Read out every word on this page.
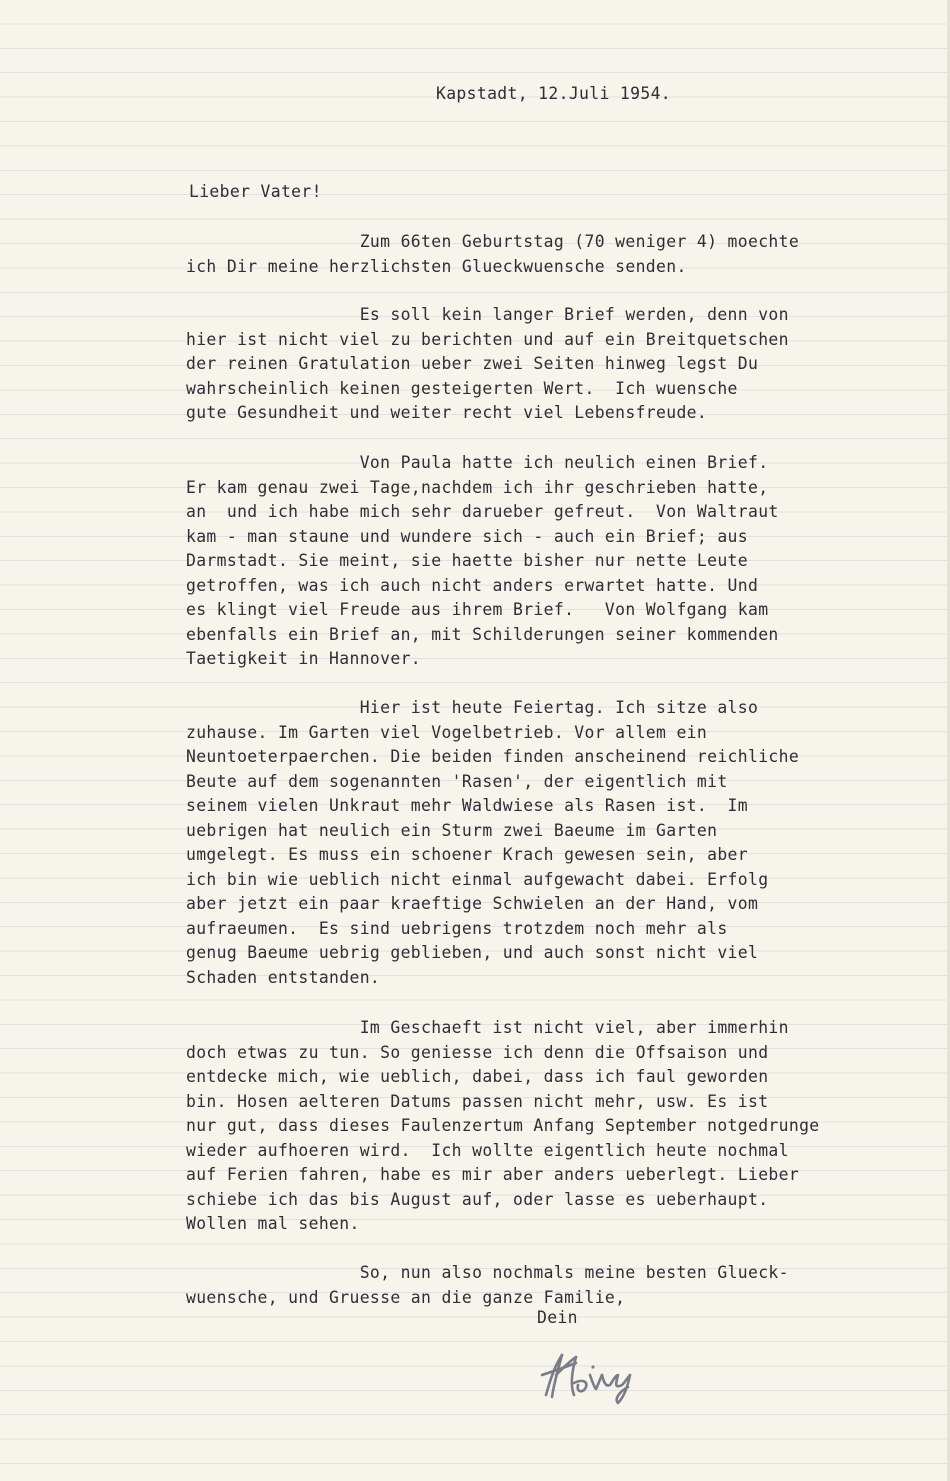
Kapstadt, 12.Juli 1954.

Lieber Vater!

Zum 66ten Geburtstag (70 weniger 4) moechte
ich Dir meine herzlichsten Glueckwuensche senden.

Es soll kein langer Brief werden, denn von
hier ist nicht viel zu berichten und auf ein Breitquetschen
der reinen Gratulation ueber zwei Seiten hinweg legst Du
wahrscheinlich keinen gesteigerten Wert.  Ich wuensche
gute Gesundheit und weiter recht viel Lebensfreude.

Von Paula hatte ich neulich einen Brief.
Er kam genau zwei Tage,nachdem ich ihr geschrieben hatte,
an  und ich habe mich sehr darueber gefreut.  Von Waltraut
kam - man staune und wundere sich - auch ein Brief; aus
Darmstadt. Sie meint, sie haette bisher nur nette Leute
getroffen, was ich auch nicht anders erwartet hatte. Und
es klingt viel Freude aus ihrem Brief.   Von Wolfgang kam
ebenfalls ein Brief an, mit Schilderungen seiner kommenden
Taetigkeit in Hannover.

Hier ist heute Feiertag. Ich sitze also
zuhause. Im Garten viel Vogelbetrieb. Vor allem ein
Neuntoeterpaerchen. Die beiden finden anscheinend reichliche
Beute auf dem sogenannten 'Rasen', der eigentlich mit
seinem vielen Unkraut mehr Waldwiese als Rasen ist.  Im
uebrigen hat neulich ein Sturm zwei Baeume im Garten
umgelegt. Es muss ein schoener Krach gewesen sein, aber
ich bin wie ueblich nicht einmal aufgewacht dabei. Erfolg
aber jetzt ein paar kraeftige Schwielen an der Hand, vom
aufraeumen.  Es sind uebrigens trotzdem noch mehr als
genug Baeume uebrig geblieben, und auch sonst nicht viel
Schaden entstanden.

Im Geschaeft ist nicht viel, aber immerhin
doch etwas zu tun. So geniesse ich denn die Offsaison und
entdecke mich, wie ueblich, dabei, dass ich faul geworden
bin. Hosen aelteren Datums passen nicht mehr, usw. Es ist
nur gut, dass dieses Faulenzertum Anfang September notgedrunge
wieder aufhoeren wird.  Ich wollte eigentlich heute nochmal
auf Ferien fahren, habe es mir aber anders ueberlegt. Lieber
schiebe ich das bis August auf, oder lasse es ueberhaupt.
Wollen mal sehen.

So, nun also nochmals meine besten Glueck-
wuensche, und Gruesse an die ganze Familie,

Dein
